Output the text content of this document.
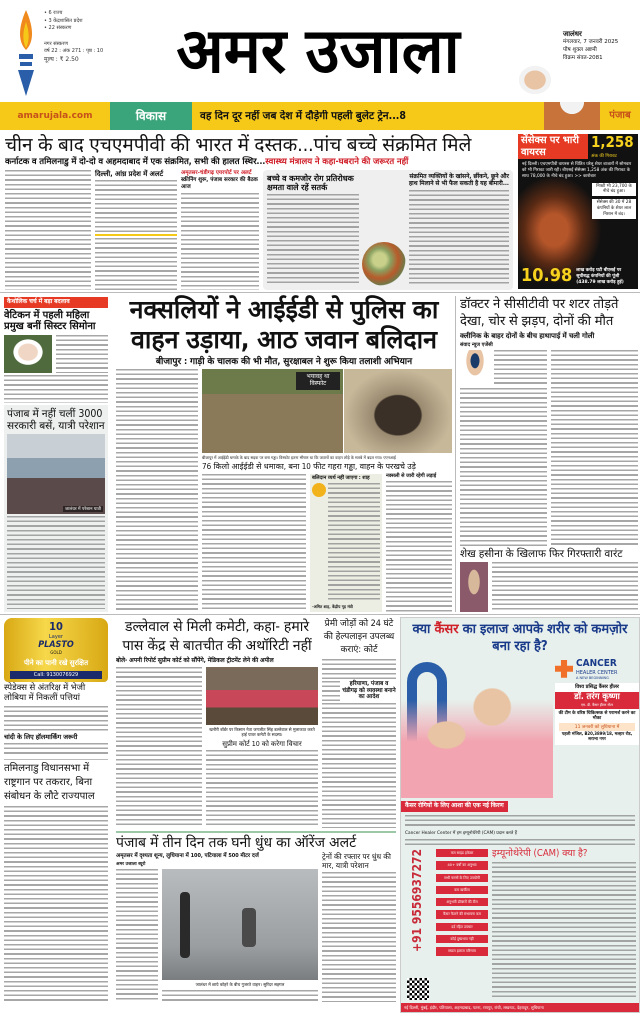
• 6 राज्य
• 3 केंद्रशासित प्रदेश
• 22 संस्करण
नगर संस्करण
वर्ष 22 : अंक 271 : पृष्ठ : 10
मूल्य : ₹ 2.50	अमर उजाला	जालंधर
मंगलवार, 7 जनवरी 2025
पौष शुक्ल अष्टमी
विक्रम संवत-2081
amarujala.com	विकास	वह दिन दूर नहीं जब देश में दौड़ेगी पहली बुलेट ट्रेन...8	पंजाब
चीन के बाद एचएमपीवी की भारत में दस्तक...पांच बच्चे संक्रमित मिले
कर्नाटक व तमिलनाडु में दो-दो व अहमदाबाद में एक संक्रमित, सभी की हालत स्थिर...स्वास्थ्य मंत्रालय ने कहा-घबराने की जरूरत नहीं
दिल्ली, आंध्र प्रदेश में अलर्ट	अमृतसर-चंडीगढ़ एयरपोर्ट पर अलर्ट स्क्रीनिंग शुरू, पंजाब सरकार की बैठक आज
बच्चे व कमजोर रोग प्रतिरोधक क्षमता वाले रहें सतर्क
संक्रमित व्यक्तियों के खांसने, छींकने, छूने और हाथ मिलाने से भी फैल सकती है यह बीमारी...
सेंसेक्स पर भारी वायरस
1,258
अंक की गिरावट
नई दिल्ली। एचएमपीवी वायरस से चिंतित घरेलू शेयर बाजारों में सोमवार को भी गिरावट जारी रही। बीएसई सेंसेक्स 1,258 अंक की गिरावट के साथ 78,000 के नीचे बंद हुआ। >> कारोबार
निफ्टी भी 23,700 के नीचे बंद हुआ।
सेंसेक्स की 30 में 28 कंपनियों के शेयर लाल निशान में बंद।
10.98 लाख करोड़ घटी बीएसई पर सूचीबद्ध कंपनियों की पूंजी (438.79 लाख करोड़ हुई)
कैथोलिक चर्च में बड़ा बदलाव
वेटिकन में पहली महिला प्रमुख बनीं सिस्टर सिमोना
पंजाब में नहीं चलीं 3000 सरकारी बसें, यात्री परेशान
जालंधर में परेशान यात्री
नक्सलियों ने आईईडी से पुलिस का वाहन उड़ाया, आठ जवान बलिदान
बीजापुर : गाड़ी के चालक की भी मौत, सुरक्षाबल ने शुरू किया तलाशी अभियान
भयावह था विस्फोट
बीजापुर में आईईडी धमाके के बाद सड़क पर बना गड्ढा। विस्फोट इतना भीषण था कि जवानों का वाहन लोहे के मलबे में बदल गया। एएनआई
76 किलो आईईडी से धमाका, बना 10 फीट गहरा गड्ढा, वाहन के परखचे उड़े
बलिदान व्यर्थ नहीं जाएगा : शाह
-अमित शाह, केंद्रीय गृह मंत्री
नक्सली से जारी रहेगी लड़ाई
डॉक्टर ने सीसीटीवी पर शटर तोड़ते देखा, चोर से झड़प, दोनों की मौत
क्लीनिक के बाहर दोनों के बीच हाथापाई में चली गोली
संवाद न्यूज एजेंसी
शेख हसीना के खिलाफ फिर गिरफ्तारी वारंट
10
Layer
PLASTO
GOLD
पीने का पानी रखे सुरक्षित
Call: 9130076929
स्पेडेक्स से अंतरिक्ष में भेजी लोबिया में निकलीं पत्तियां
चांदी के लिए हॉलमार्किंग जरूरी
तमिलनाडु विधानसभा में राष्ट्रगान पर तकरार, बिना संबोधन के लौटे राज्यपाल
डल्लेवाल से मिली कमेटी, कहा- हमारे पास केंद्र से बातचीत की अथॉरिटी नहीं
बोले- अपनी रिपोर्ट सुप्रीम कोर्ट को सौंपेंगे, मेडिकल ट्रीटमेंट लेने की अपील
खनौरी बॉर्डर पर किसान नेता जगजीत सिंह डल्लेवाल से मुलाकात करते हाई पावर कमेटी के सदस्य।
सुप्रीम कोर्ट 10 को करेगा विचार
प्रेमी जोड़ों को 24 घंटे की हेल्पलाइन उपलब्ध कराएं: कोर्ट
हरियाणा, पंजाब व चंडीगढ़ को व्यवस्था बनाने का आदेश
पंजाब में तीन दिन तक घनी धुंध का ऑरेंज अलर्ट
अमृतसर में दृश्यता शून्य, लुधियाना में 100, पटियाला में 500 मीटर दर्ज
अमर उजाला ब्यूरो
जालंधर में छाये कोहरे के बीच गुजरते वाहन। सुरिंदर सहगल
ट्रेनों की रफ्तार पर धुंध की मार, यात्री परेशान
क्या कैंसर का इलाज आपके शरीर को कमज़ोर बना रहा है?
CANCER
HEALER CENTER
A NEW BEGINNING
विश्व प्रसिद्ध कैंसर हीलर
डॉ. तरंग कृष्णा
एम. डी. कैंसर हीलर सेंटर
की टीम के वरिष्ठ चिकित्सक से परामर्श करने का मौका
11 जनवरी को लुधियाना में
पहली मंजिल, B20,3899/18, मल्हार रोड, सराभा नगर
कैंसर रोगियों के लिए आशा की एक नई किरण
Cancer Healer Center में हम इम्यूनोथेरेपी (CAM) प्रदान करते हैं
+91 9556937272	कम साइड इफेक्ट
40+ वर्षों का अनुभव
सभी चरणों के लिए उपयोगी
कम खर्चीला
अनुभवी डॉक्टरों की टीम
कैंसर फैलने की संभावना कम
दर्द रहित उपचार
कोई दुष्प्रभाव नहीं
सफल इलाज परिणाम
इम्यूनोथेरेपी (CAM) क्या है?
नई दिल्ली, मुंबई, इंदौर, पटियाला, अहमदाबाद, पटना, रायपुर, रांची, लखनऊ, देहरादून, लुधियाना
